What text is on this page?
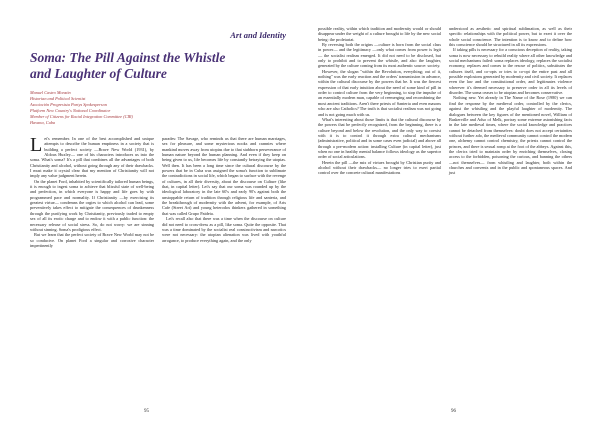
Art and Identity
Soma: The Pill Against the Whistle
and Laughter of Culture
Manuel Castro Monzón
Historian and Political Scientist
Asociación Progresista Partys Spokesperson
Platform New Country's National Coordinator
Member of Citizens for Racial Integration Committee (CIR)
Havana, Cuba

Let's remember. In one of the best accomplished and unique attempts to describe the human emptiness in a society that is building a perfect society —Brave New World (1931), by Aldous Huxley— one of his characters introduces us into the soma. What's soma? It's a pill that combines all the advantages of both Christianity and alcohol, without going through any of their drawbacks. I must make it crystal clear that my mention of Christianity will not imply any value judgment herein.

On the planet Ford, inhabited by scientifically tailored human beings, it is enough to ingest soma to achieve that blissful state of well-being and perfection, in which everyone is happy and life goes by with programmed pace and normality. If Christianity —by exercising its greatest virtue— condemns the orgies to which alcohol can lead, some preventively takes effect to mitigate the consequences of drunkenness through the purifying work by Christianity, previously traded to empty sex of all its erotic charge and to endow it with a public function: the necessary release of social stress. So, do not worry: we are sinning without sinning. Soma's prodigious effect.

But we learn that the perfect society of Brave New World may not be so conducive. On planet Ford a singular and corrosive character impertinently

parades: The Savage, who reminds us that there are human marriages, sex for pleasure, and some mysterious nooks and crannies where mankind moves away from utopias due to that stubborn perseverance of human nature beyond the human planning. And even if they keep on being given to us, life becomes life by constantly betraying the utopias. Well then. It has been a long time since the cultural discourse by the powers that be in Cuba was assigned the soma's function to sublimate the contradictions in social life, which began to surface with the revenge of cultures, in all their diversity, about the discourse on Culture (like that, in capital letter). Let's say that our soma was rounded up by the ideological laboratory in the late 60's and early 90's against both the unstoppable return of tradition through religious life and santeria, and the breakthrough of modernity with the advent, for example, of Arts Cafe (Street Art) and young heterodox thinkers gathered in something that was called Grupo Paideia.

Let's recall also that there was a time when the discourse on culture did not need to cross-dress as a pill, like soma. Quite the opposite. That was a time dominated by the socialist real constructivism and narcotics were not necessary: the utopian alienation was lived with youthful arrogance, to produce everything again, and the only

95

possible reality, within which tradition and modernity would or should disappear under the weight of a culture brought to life by the new social being: the proletariat.

By reversing both the origins —culture is born from the social class in power— and the legitimacy —only what comes from power is legit— the socialist realism emerged. It did not need to be disclosed, but only to prohibit and to prevent the whistle, and also the laughter, generated by the culture coming from its most authentic source: society.

However, the slogan "within the Revolution, everything; out of it, nothing" was the early reaction and the orders' transmission in advance, within the cultural discourse by the powers that be. It was the fiercest expression of that early intuition about the need of some kind of pill in order to control culture from the very beginning, to stop the impulse of an essentially modern man, capable of reemerging and recombining the most ancient traditions. Aren't there priests of Santeria and even masons who are also Catholics? The truth is that socialist realism was not going and is not going much with us.

What's interesting about those limits is that the cultural discourse by the powers that be perfectly recognized, from the beginning, there is a culture beyond and below the revolution, and the only way to coexist with it is to control it through extra cultural mechanisms (administrative, political and in some cases even judicial) and above all through a pre-modern action: installing Culture (in capital letter), just when no one in healthy mental balance follows ideology as the superior order of social articulations.

Herein the pill —the mix of virtues brought by Christian purity and alcohol without their drawbacks— no longer tries to exert partial control over the concrete cultural manifestations

understood as aesthetic and spiritual sublimation, as well as their specific relationships with the political power, but to exert it over the whole social conscience. The intention is to know and to define how this conscience should be structured in all its expressions.

If taking pills is necessary for a conscious deception of reality, taking soma is now necessary to rebuild reality where all other knowledge and social mechanisms failed: soma replaces ideology, replaces the socialist economy, replaces and comes to the rescue of politics, substitutes the cultures itself, and co-opts or tries to co-opt the entire past and all possible explosions generated by modernity and civil society. It replaces even the law and the constitutional order, and legitimates violence wherever it's deemed necessary to preserve order in all its levels of disorder. The soma ceases to be utopian and becomes conservative.

Nothing new. Yet already in The Name of the Rose (1980) we can find the response by the medieval order, controlled by the clerics, against the whistling and the playful laughter of modernity. The dialogues between the key figures of the mentioned novel, William of Baskerville and Adso of Melk, portray some extreme astonishing facts in the late medieval times, where the social knowledge and practices cannot be detached from themselves: doubt does not accept certainties without further ado, the medieval community cannot control the modern one, alchemy cannot control chemistry, the priests cannot control the princes, and there is sexual romp at the foot of the abbeys. Against this, the clerics tried to maintain order by enriching themselves, closing access to the forbidden, poisoning the curious, and banning the others —not themselves— from whistling and laughter, both within the churches and convents and in the public and spontaneous spaces. And just

96
